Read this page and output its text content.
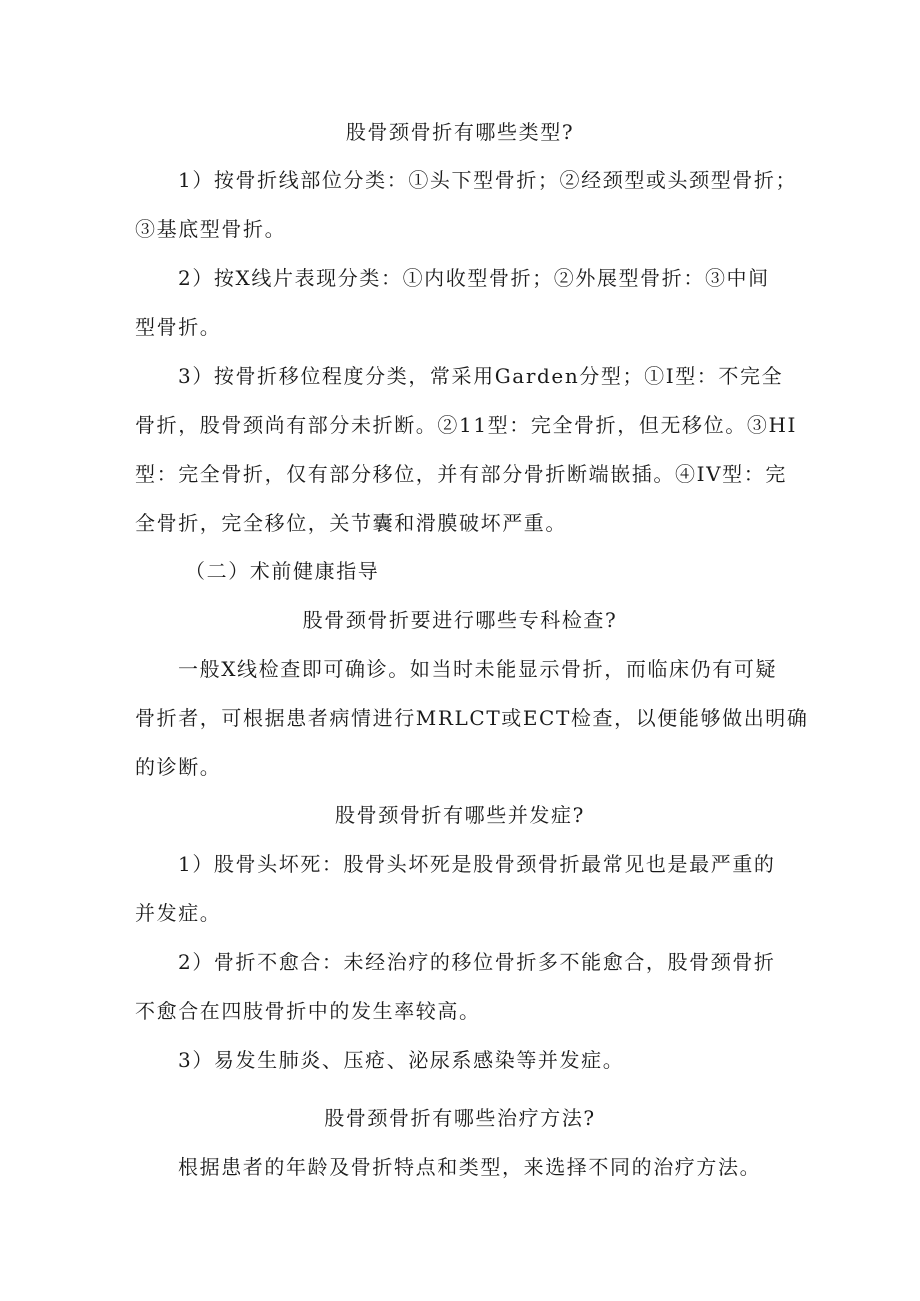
股骨颈骨折有哪些类型?
1）按骨折线部位分类：①头下型骨折；②经颈型或头颈型骨折；
③基底型骨折。
2）按X线片表现分类：①内收型骨折；②外展型骨折：③中间
型骨折。
3）按骨折移位程度分类，常采用Garden分型；①I型：不完全
骨折，股骨颈尚有部分未折断。②11型：完全骨折，但无移位。③HI
型：完全骨折，仅有部分移位，并有部分骨折断端嵌插。④IV型：完
全骨折，完全移位，关节囊和滑膜破坏严重。
（二）术前健康指导
股骨颈骨折要进行哪些专科检查?
一般X线检查即可确诊。如当时未能显示骨折，而临床仍有可疑
骨折者，可根据患者病情进行MRLCT或ECT检查，以便能够做出明确
的诊断。
股骨颈骨折有哪些并发症?
1）股骨头坏死：股骨头坏死是股骨颈骨折最常见也是最严重的
并发症。
2）骨折不愈合：未经治疗的移位骨折多不能愈合，股骨颈骨折
不愈合在四肢骨折中的发生率较高。
3）易发生肺炎、压疮、泌尿系感染等并发症。
股骨颈骨折有哪些治疗方法?
根据患者的年龄及骨折特点和类型，来选择不同的治疗方法。
